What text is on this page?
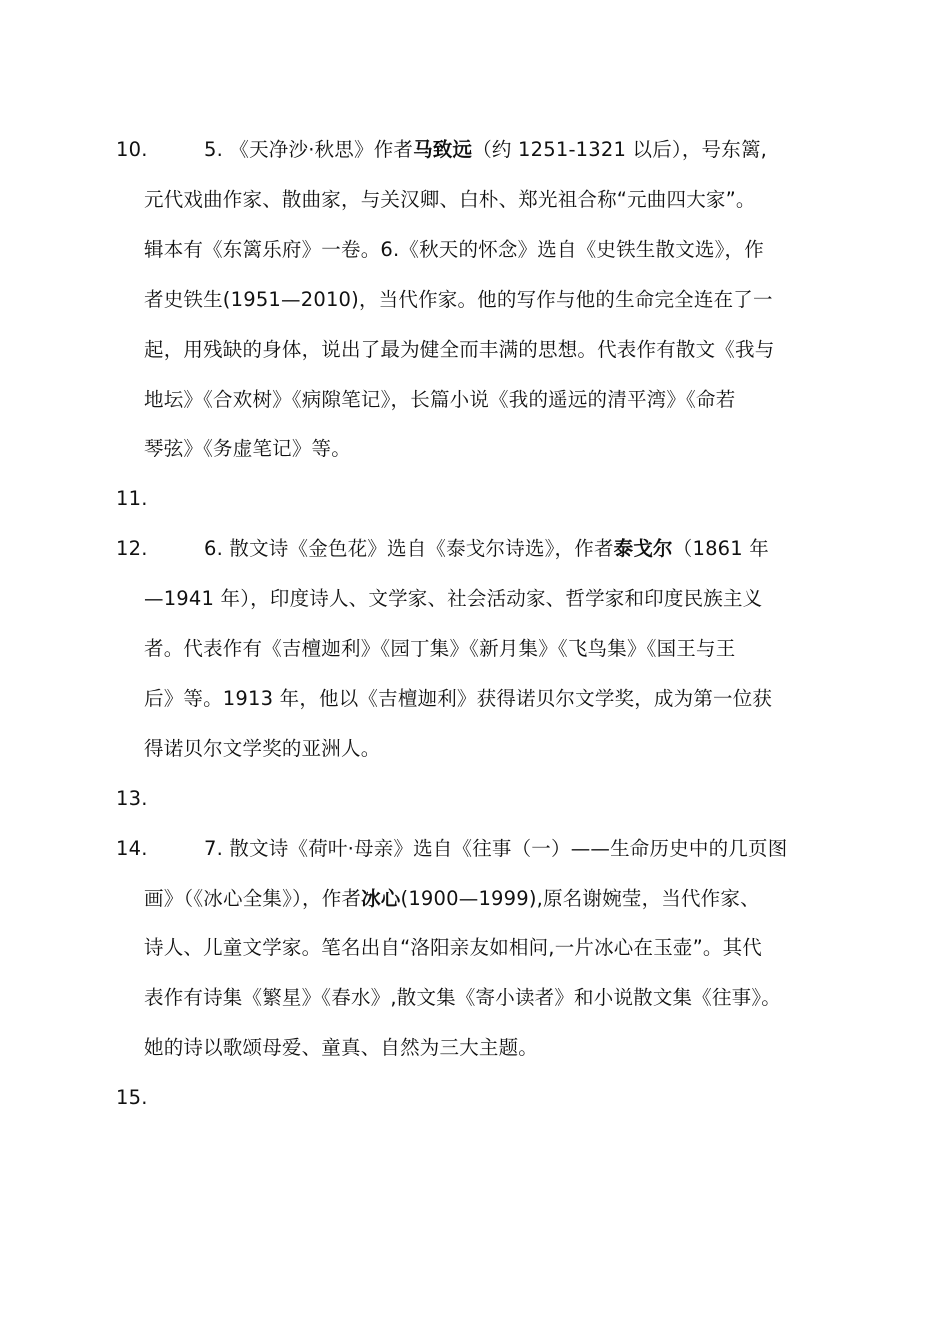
10.	5. 《天净沙·秋思》作者马致远（约 1251-1321 以后），号东篱,
元代戏曲作家、散曲家，与关汉卿、白朴、郑光祖合称“元曲四大家”。
辑本有《东篱乐府》一卷。6.《秋天的怀念》选自《史铁生散文选》，作
者史铁生(1951—2010)，当代作家。他的写作与他的生命完全连在了一
起，用残缺的身体，说出了最为健全而丰满的思想。代表作有散文《我与
地坛》《合欢树》《病隙笔记》，长篇小说《我的遥远的清平湾》《命若
琴弦》《务虚笔记》等。
11.
12.	6. 散文诗《金色花》选自《泰戈尔诗选》，作者泰戈尔（1861 年
—1941 年），印度诗人、文学家、社会活动家、哲学家和印度民族主义
者。代表作有《吉檀迦利》《园丁集》《新月集》《飞鸟集》《国王与王
后》等。1913 年，他以《吉檀迦利》获得诺贝尔文学奖，成为第一位获
得诺贝尔文学奖的亚洲人。
13.
14.	7. 散文诗《荷叶·母亲》选自《往事（一）——生命历史中的几页图
画》（《冰心全集》），作者冰心(1900—1999),原名谢婉莹，当代作家、
诗人、儿童文学家。笔名出自“洛阳亲友如相问,一片冰心在玉壶”。其代
表作有诗集《繁星》《春水》,散文集《寄小读者》和小说散文集《往事》。
她的诗以歌颂母爱、童真、自然为三大主题。
15.
